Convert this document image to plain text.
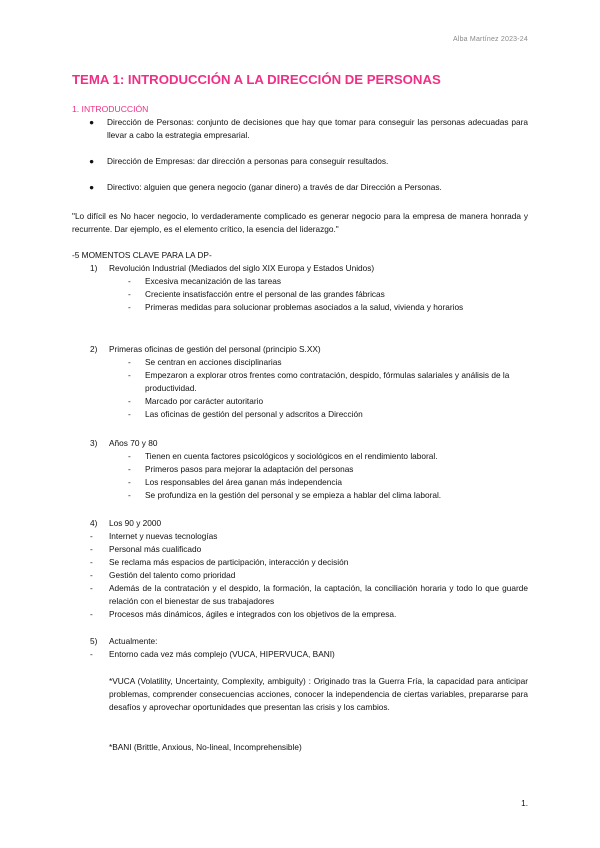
Alba Martínez 2023-24
TEMA 1: INTRODUCCIÓN A LA DIRECCIÓN DE PERSONAS
1. INTRODUCCIÓN
● Dirección de Personas: conjunto de decisiones que hay que tomar para conseguir las personas adecuadas para llevar a cabo la estrategia empresarial.
● Dirección de Empresas: dar dirección a personas para conseguir resultados.
● Directivo: alguien que genera negocio (ganar dinero) a través de dar Dirección a Personas.
"Lo difícil es No hacer negocio, lo verdaderamente complicado es generar negocio para la empresa de manera honrada y recurrente. Dar ejemplo, es el elemento crítico, la esencia del liderazgo."
-5 MOMENTOS CLAVE PARA LA DP-
1) Revolución Industrial (Mediados del siglo XIX Europa y Estados Unidos)
- Excesiva mecanización de las tareas
- Creciente insatisfacción entre el personal de las grandes fábricas
- Primeras medidas para solucionar problemas asociados a la salud, vivienda y horarios
2) Primeras oficinas de gestión del personal (principio S.XX)
- Se centran en acciones disciplinarias
- Empezaron a explorar otros frentes como contratación, despido, fórmulas salariales y análisis de la productividad.
- Marcado por carácter autoritario
- Las oficinas de gestión del personal y adscritos a Dirección
3) Años 70 y 80
- Tienen en cuenta factores psicológicos y sociológicos en el rendimiento laboral.
- Primeros pasos para mejorar la adaptación del personas
- Los responsables del área ganan más independencia
- Se profundiza en la gestión del personal y se empieza a hablar del clima laboral.
4) Los 90 y 2000
- Internet y nuevas tecnologías
- Personal más cualificado
- Se reclama más espacios de participación, interacción y decisión
- Gestión del talento como prioridad
- Además de la contratación y el despido, la formación, la captación, la conciliación horaria y todo lo que guarde relación con el bienestar de sus trabajadores
- Procesos más dinámicos, ágiles e integrados con los objetivos de la empresa.
5) Actualmente:
- Entorno cada vez más complejo (VUCA, HIPERVUCA, BANI)
*VUCA (Volatility, Uncertainty, Complexity, ambiguity) : Originado tras la Guerra Fría, la capacidad para anticipar problemas, comprender consecuencias acciones, conocer la independencia de ciertas variables, prepararse para desafíos y aprovechar oportunidades que presentan las crisis y los cambios.
*BANI (Brittle, Anxious, No-lineal, Incomprehensible)
1.
